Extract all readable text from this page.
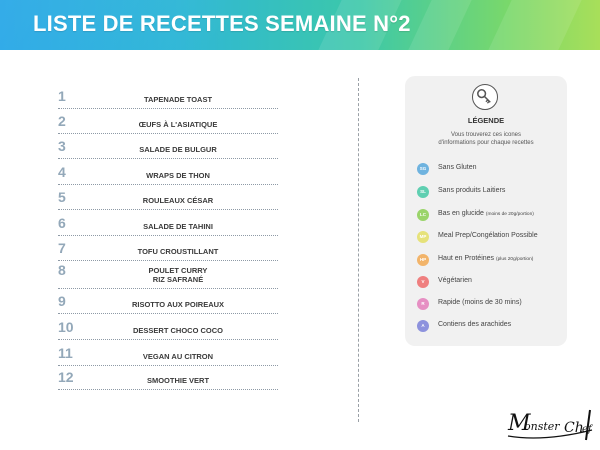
LISTE DE RECETTES SEMAINE N°2
1	TAPENADE TOAST
2	ŒUFS À L'ASIATIQUE
3	SALADE DE BULGUR
4	WRAPS DE THON
5	ROULEAUX CÉSAR
6	SALADE DE TAHINI
7	TOFU CROUSTILLANT
8	POULET CURRY
RIZ SAFRANÉ
9	RISOTTO AUX POIREAUX
10	DESSERT CHOCO COCO
11	VEGAN AU CITRON
12	SMOOTHIE VERT
LÉGENDE
Vous trouverez ces icones d'informations pour chaque recettes
SG	Sans Gluten
SL	Sans produits Laitiers
LC	Bas en glucide (moins de 20g/portion)
MP	Meal Prep/Congélation Possible
HP	Haut en Protéines (plus 20g/portion)
V	Végétarien
R	Rapide (moins de 30 mins)
A	Contiens des arachides
M
onster Ch
ef
